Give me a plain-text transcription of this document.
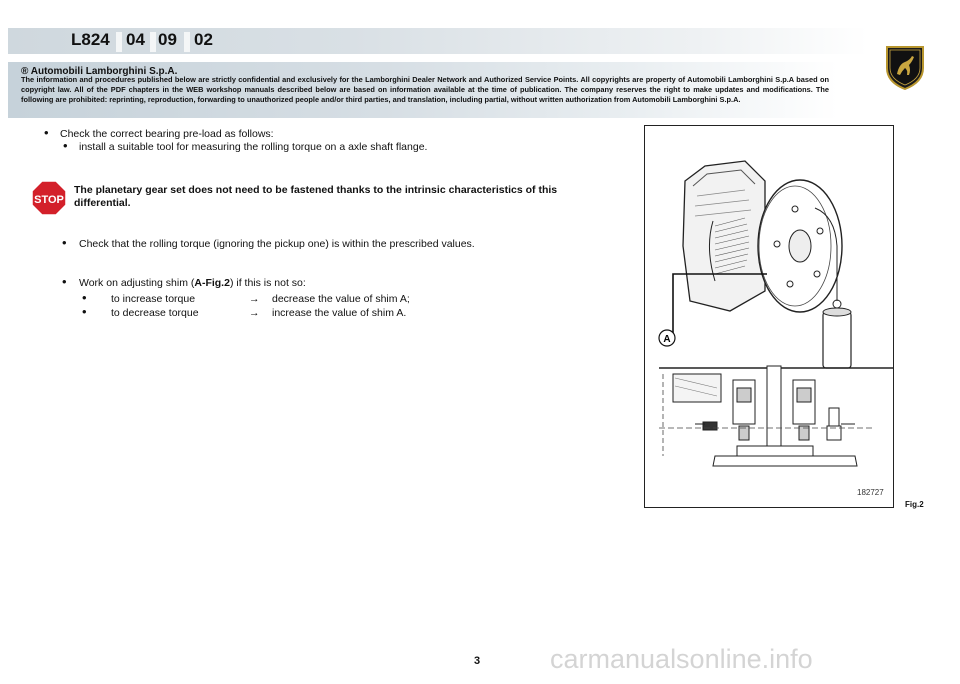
L824 04 09 02
® Automobili Lamborghini S.p.A.
The information and procedures published below are strictly confidential and exclusively for the Lamborghini Dealer Network and Authorized Service Points. All copyrights are property of Automobili Lamborghini S.p.A based on copyright law. All of the PDF chapters in the WEB workshop manuals described below are based on information available at the time of publication. The company reserves the right to make updates and modifications. The following are prohibited: reprinting, reproduction, forwarding to unauthorized people and/or third parties, and translation, including partial, without written authorization from Automobili Lamborghini S.p.A.
• Check the correct bearing pre-load as follows:
• install a suitable tool for measuring the rolling torque on a axle shaft flange.
STOP
The planetary gear set does not need to be fastened thanks to the intrinsic characteristics of this differential.
• Check that the rolling torque (ignoring the pickup one) is within the prescribed values.
• Work on adjusting shim (A-Fig.2) if this is not so:
• to increase torque	→ decrease the value of shim A;
• to decrease torque	→ increase the value of shim A.
A
182727
Fig.2
3	carmanualsonline.info
